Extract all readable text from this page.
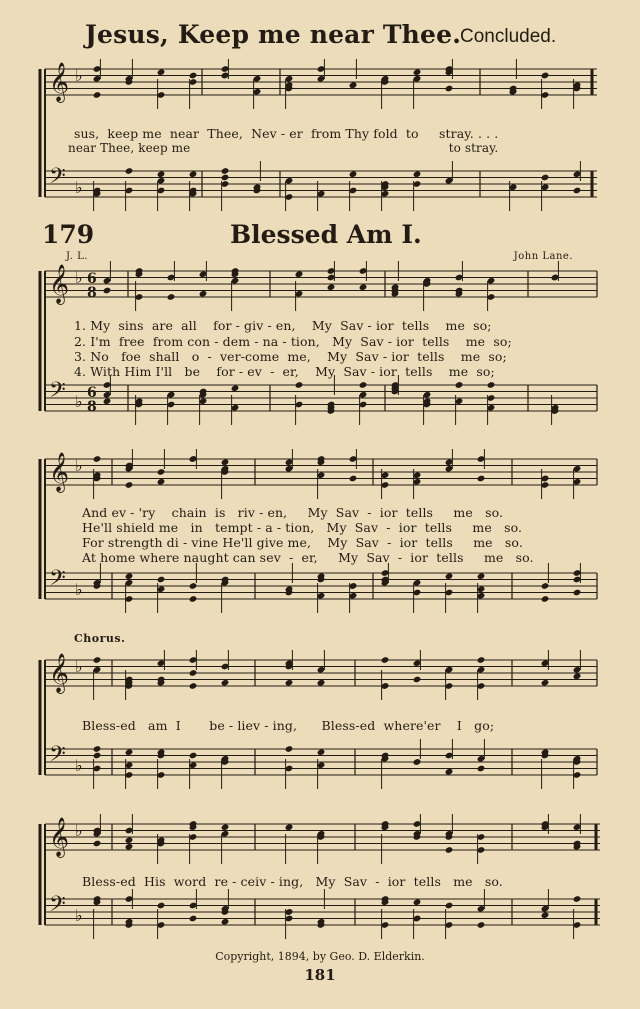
Jesus, Keep me near Thee.
Concluded.
𝄞 ♭
𝄢 ♭
𝄞 ♭ 6
8
𝄢 ♭ 6
8
𝄞 ♭
𝄢 ♭
𝄞 ♭
𝄢 ♭
𝄞 ♭
𝄢 ♭
sus,  keep me  near  Thee,  Nev - er  from Thy fold  to     stray. . . .
near Thee, keep me                                                                  to stray.
179	Blessed Am I.
J. L.	John Lane.
1. My  sins  are  all    for - giv - en,    My  Sav - ior  tells    me  so;
2. I'm  free  from con - dem - na - tion,   My  Sav - ior  tells    me  so;
3. No   foe  shall   o  -  ver-come  me,    My  Sav - ior  tells    me  so;
4. With Him I'll   be    for - ev  -  er,    My  Sav - ior  tells    me  so;
And ev - 'ry    chain  is   riv - en,     My  Sav  -  ior  tells     me   so.
He'll shield me   in   tempt - a - tion,   My  Sav  -  ior  tells     me   so.
For strength di - vine He'll give me,    My  Sav  -  ior  tells     me   so.
At home where naught can sev  -  er,     My  Sav  -  ior  tells     me   so.
Chorus.
Bless-ed   am  I       be - liev - ing,      Bless-ed  where'er    I   go;
Bless-ed  His  word  re - ceiv - ing,   My  Sav  -  ior  tells   me   so.
Copyright, 1894, by Geo. D. Elderkin.
181
